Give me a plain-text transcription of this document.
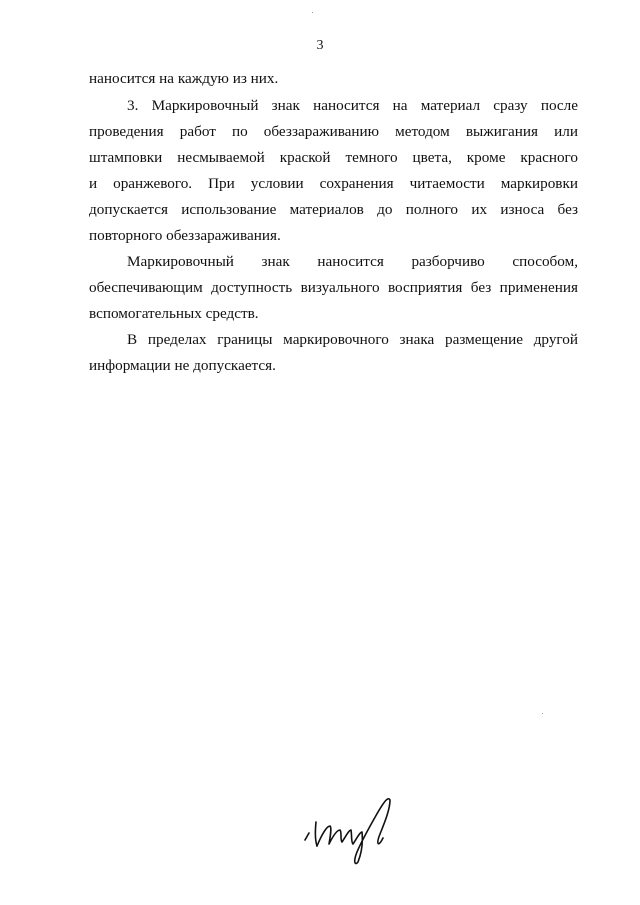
3
наносится на каждую из них.
3. Маркировочный знак наносится на материал сразу после
проведения работ по обеззараживанию методом выжигания или
штамповки несмываемой краской темного цвета, кроме красного
и оранжевого. При условии сохранения читаемости маркировки
допускается использование материалов до полного их износа без
повторного обеззараживания.
Маркировочный знак наносится разборчиво способом,
обеспечивающим доступность визуального восприятия без применения
вспомогательных средств.
В пределах границы маркировочного знака размещение другой
информации не допускается.
